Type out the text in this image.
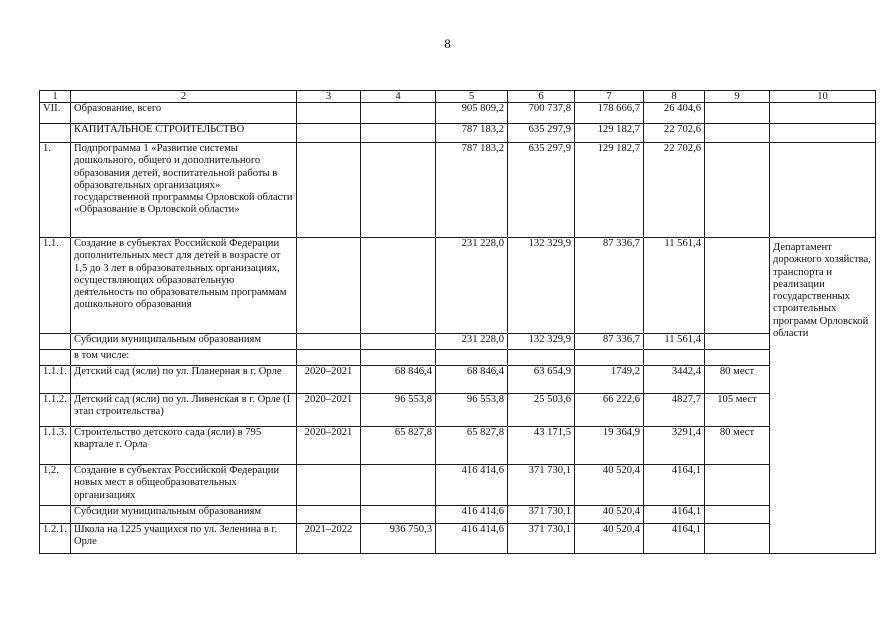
8
1	2	3	4	5	6	7	8	9	10	
VII.	Образование, всего			905 809,2	700 737,8	178 666,7	26 404,6			
	КАПИТАЛЬНОЕ СТРОИТЕЛЬСТВО			787 183,2	635 297,9	129 182,7	22 702,6			
1.	Подпрограмма 1 «Развитие системы дошкольного, общего и дополнительного образования детей, воспитательной работы в образовательных организациях» государственной программы Орловской области «Образование в Орловской области»			787 183,2	635 297,9	129 182,7	22 702,6			
1.1.	Создание в субъектах Российской Федерации дополнительных мест для детей в возрасте от 1,5 до 3 лет в образовательных организациях, осуществляющих образовательную деятельность по образовательным программам дошкольного образования			231 228,0	132 329,9	87 336,7	11 561,4		Департамент дорожного хозяйства, транспорта и реализации государственных строительных программ Орловской области	
	Субсидии муниципальным образованиям			231 228,0	132 329,9	87 336,7	11 561,4			
	в том числе:									
1.1.1.	Детский сад (ясли) по ул. Планерная в г. Орле	2020–2021	68 846,4	68 846,4	63 654,9	1749,2	3442,4	80 мест		
1.1.2.	Детский сад (ясли) по ул. Ливенская в г. Орле (I этап строительства)	2020–2021	96 553,8	96 553,8	25 503,6	66 222,6	4827,7	105 мест		
1.1.3.	Строительство детского сада (ясли) в 795 квартале г. Орла	2020–2021	65 827,8	65 827,8	43 171,5	19 364,9	3291,4	80 мест		
1.2.	Создание в субъектах Российской Федерации новых мест в общеобразовательных организациях			416 414,6	371 730,1	40 520,4	4164,1			
	Субсидии муниципальным образованиям			416 414,6	371 730,1	40 520,4	4164,1			
1.2.1.	Школа на 1225 учащихся по ул. Зеленина в г. Орле	2021–2022	936 750,3	416 414,6	371 730,1	40 520,4	4164,1			
